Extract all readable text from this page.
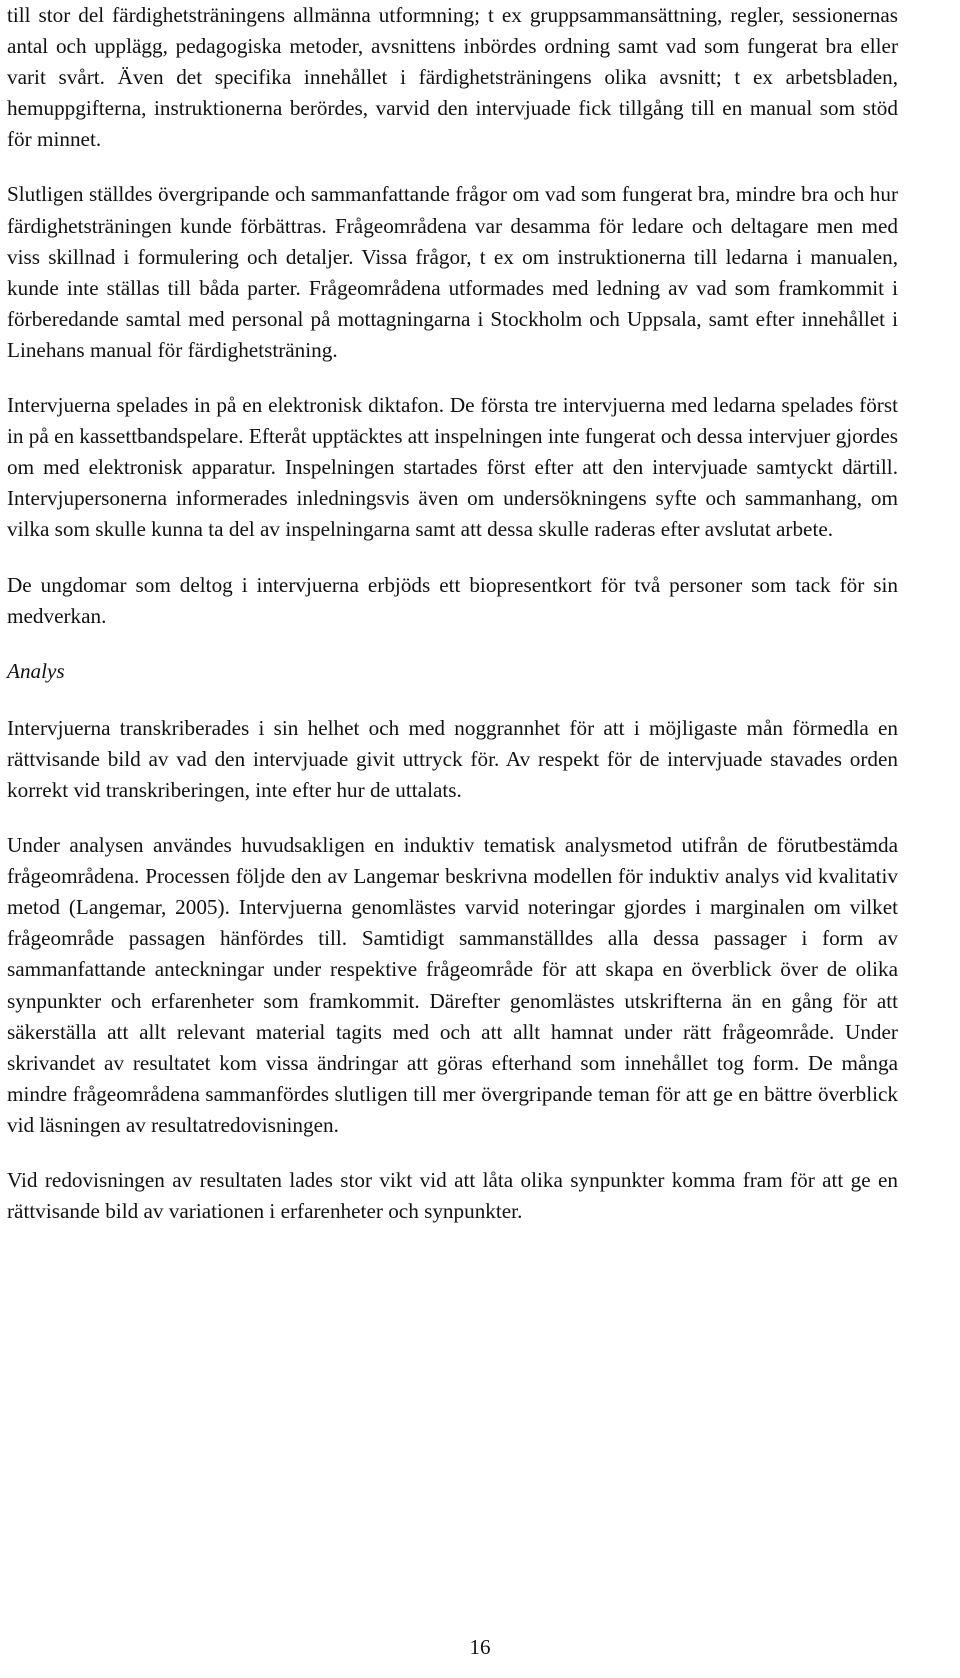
till stor del färdighetsträningens allmänna utformning; t ex gruppsammansättning, regler, sessionernas antal och upplägg, pedagogiska metoder, avsnittens inbördes ordning samt vad som fungerat bra eller varit svårt. Även det specifika innehållet i färdighetsträningens olika avsnitt; t ex arbetsbladen, hemuppgifterna, instruktionerna berördes, varvid den intervjuade fick tillgång till en manual som stöd för minnet.

Slutligen ställdes övergripande och sammanfattande frågor om vad som fungerat bra, mindre bra och hur färdighetsträningen kunde förbättras. Frågeområdena var desamma för ledare och deltagare men med viss skillnad i formulering och detaljer. Vissa frågor, t ex om instruktionerna till ledarna i manualen, kunde inte ställas till båda parter. Frågeområdena utformades med ledning av vad som framkommit i förberedande samtal med personal på mottagningarna i Stockholm och Uppsala, samt efter innehållet i Linehans manual för färdighetsträning.

Intervjuerna spelades in på en elektronisk diktafon. De första tre intervjuerna med ledarna spelades först in på en kassettbandspelare. Efteråt upptäcktes att inspelningen inte fungerat och dessa intervjuer gjordes om med elektronisk apparatur. Inspelningen startades först efter att den intervjuade samtyckt därtill. Intervjupersonerna informerades inledningsvis även om undersökningens syfte och sammanhang, om vilka som skulle kunna ta del av inspelningarna samt att dessa skulle raderas efter avslutat arbete.

De ungdomar som deltog i intervjuerna erbjöds ett biopresentkort för två personer som tack för sin medverkan.

Analys

Intervjuerna transkriberades i sin helhet och med noggrannhet för att i möjligaste mån förmedla en rättvisande bild av vad den intervjuade givit uttryck för. Av respekt för de intervjuade stavades orden korrekt vid transkriberingen, inte efter hur de uttalats.

Under analysen användes huvudsakligen en induktiv tematisk analysmetod utifrån de förutbestämda frågeområdena. Processen följde den av Langemar beskrivna modellen för induktiv analys vid kvalitativ metod (Langemar, 2005). Intervjuerna genomlästes varvid noteringar gjordes i marginalen om vilket frågeområde passagen hänfördes till. Samtidigt sammanställdes alla dessa passager i form av sammanfattande anteckningar under respektive frågeområde för att skapa en överblick över de olika synpunkter och erfarenheter som framkommit. Därefter genomlästes utskrifterna än en gång för att säkerställa att allt relevant material tagits med och att allt hamnat under rätt frågeområde. Under skrivandet av resultatet kom vissa ändringar att göras efterhand som innehållet tog form. De många mindre frågeområdena sammanfördes slutligen till mer övergripande teman för att ge en bättre överblick vid läsningen av resultatredovisningen.

Vid redovisningen av resultaten lades stor vikt vid att låta olika synpunkter komma fram för att ge en rättvisande bild av variationen i erfarenheter och synpunkter.

16
